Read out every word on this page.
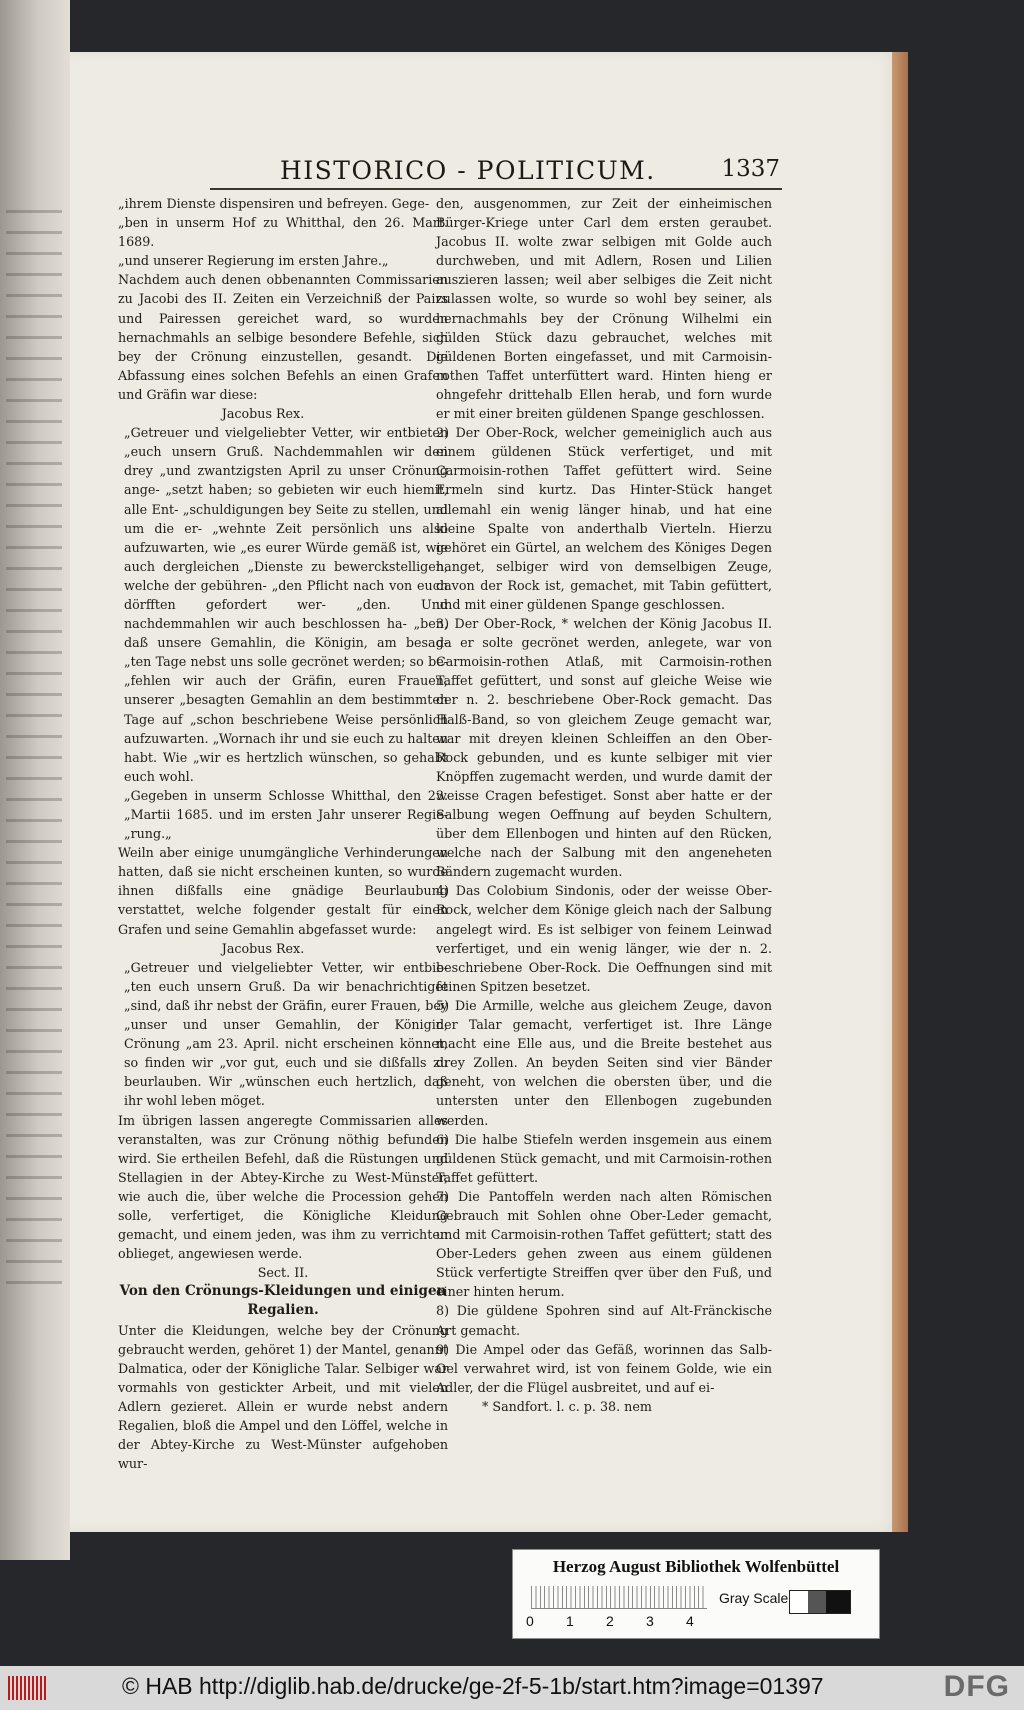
HISTORICO - POLITICUM.	1337

„ihrem Dienste dispensiren und befreyen. Gege-

„ben in unserm Hof zu Whitthal, den 26. Mart. 1689.

„und unserer Regierung im ersten Jahre.„

Nachdem auch denen obbenannten Commissarien zu Jacobi des II. Zeiten ein Verzeichniß der Pairs und Pairessen gereichet ward, so wurden hernachmahls an selbige besondere Befehle, sich bey der Crönung einzustellen, gesandt. Die Abfassung eines solchen Befehls an einen Grafen und Gräfin war diese:

Jacobus Rex.

„Getreuer und vielgeliebter Vetter, wir entbieten „euch unsern Gruß. Nachdemmahlen wir den drey „und zwantzigsten April zu unser Crönung ange- „setzt haben; so gebieten wir euch hiemit, alle Ent- „schuldigungen bey Seite zu stellen, und um die er- „wehnte Zeit persönlich uns also aufzuwarten, wie „es eurer Würde gemäß ist, wie auch dergleichen „Dienste zu bewerckstelligen, welche der gebühren- „den Pflicht nach von euch dörfften gefordert wer- „den. Und nachdemmahlen wir auch beschlossen ha- „ben, daß unsere Gemahlin, die Königin, am besag- „ten Tage nebst uns solle gecrönet werden; so be- „fehlen wir auch der Gräfin, euren Frauen, unserer „besagten Gemahlin an dem bestimmten Tage auf „schon beschriebene Weise persönlich aufzuwarten. „Wornach ihr und sie euch zu halten habt. Wie „wir es hertzlich wünschen, so gehabt euch wohl.

„Gegeben in unserm Schlosse Whitthal, den 23. „Martii 1685. und im ersten Jahr unserer Regie- „rung.„

Weiln aber einige unumgängliche Verhinderungen hatten, daß sie nicht erscheinen kunten, so wurde ihnen dißfalls eine gnädige Beurlaubung verstattet, welche folgender gestalt für einen Grafen und seine Gemahlin abgefasset wurde:

Jacobus Rex.

„Getreuer und vielgeliebter Vetter, wir entbie- „ten euch unsern Gruß. Da wir benachrichtiget „sind, daß ihr nebst der Gräfin, eurer Frauen, bey „unser und unser Gemahlin, der Königin, Crönung „am 23. April. nicht erscheinen könnet, so finden wir „vor gut, euch und sie dißfalls zu beurlauben. Wir „wünschen euch hertzlich, daß ihr wohl leben möget.

Im übrigen lassen angeregte Commissarien alles veranstalten, was zur Crönung nöthig befunden wird. Sie ertheilen Befehl, daß die Rüstungen und Stellagien in der Abtey-Kirche zu West-Münster, wie auch die, über welche die Procession gehen solle, verfertiget, die Königliche Kleidung gemacht, und einem jeden, was ihm zu verrichten oblieget, angewiesen werde.

Sect. II.

Von den Crönungs-Kleidungen und einigen Regalien.

Unter die Kleidungen, welche bey der Crönung gebraucht werden, gehöret 1) der Mantel, genannt Dalmatica, oder der Königliche Talar. Selbiger war vormahls von gestickter Arbeit, und mit vielen Adlern gezieret. Allein er wurde nebst andern Regalien, bloß die Ampel und den Löffel, welche in der Abtey-Kirche zu West-Münster aufgehoben wur-

den, ausgenommen, zur Zeit der einheimischen Bürger-Kriege unter Carl dem ersten geraubet. Jacobus II. wolte zwar selbigen mit Golde auch durchweben, und mit Adlern, Rosen und Lilien auszieren lassen; weil aber selbiges die Zeit nicht zulassen wolte, so wurde so wohl bey seiner, als hernachmahls bey der Crönung Wilhelmi ein gülden Stück dazu gebrauchet, welches mit güldenen Borten eingefasset, und mit Carmoisin-rothen Taffet unterfüttert ward. Hinten hieng er ohngefehr drittehalb Ellen herab, und forn wurde er mit einer breiten güldenen Spange geschlossen.

2) Der Ober-Rock, welcher gemeiniglich auch aus einem güldenen Stück verfertiget, und mit Carmoisin-rothen Taffet gefüttert wird. Seine Ermeln sind kurtz. Das Hinter-Stück hanget allemahl ein wenig länger hinab, und hat eine kleine Spalte von anderthalb Vierteln. Hierzu gehöret ein Gürtel, an welchem des Königes Degen hanget, selbiger wird von demselbigen Zeuge, davon der Rock ist, gemachet, mit Tabin gefüttert, und mit einer güldenen Spange geschlossen.

3) Der Ober-Rock, * welchen der König Jacobus II. da er solte gecrönet werden, anlegete, war von Carmoisin-rothen Atlaß, mit Carmoisin-rothen Taffet gefüttert, und sonst auf gleiche Weise wie der n. 2. beschriebene Ober-Rock gemacht. Das Halß-Band, so von gleichem Zeuge gemacht war, war mit dreyen kleinen Schleiffen an den Ober-Rock gebunden, und es kunte selbiger mit vier Knöpffen zugemacht werden, und wurde damit der weisse Cragen befestiget. Sonst aber hatte er der Salbung wegen Oeffnung auf beyden Schultern, über dem Ellenbogen und hinten auf den Rücken, welche nach der Salbung mit den angeneheten Bändern zugemacht wurden.

4) Das Colobium Sindonis, oder der weisse Ober-Rock, welcher dem Könige gleich nach der Salbung angelegt wird. Es ist selbiger von feinem Leinwad verfertiget, und ein wenig länger, wie der n. 2. beschriebene Ober-Rock. Die Oeffnungen sind mit feinen Spitzen besetzet.

5) Die Armille, welche aus gleichem Zeuge, davon der Talar gemacht, verfertiget ist. Ihre Länge macht eine Elle aus, und die Breite bestehet aus drey Zollen. An beyden Seiten sind vier Bänder geneht, von welchen die obersten über, und die untersten unter den Ellenbogen zugebunden werden.

6) Die halbe Stiefeln werden insgemein aus einem güldenen Stück gemacht, und mit Carmoisin-rothen Taffet gefüttert.

7) Die Pantoffeln werden nach alten Römischen Gebrauch mit Sohlen ohne Ober-Leder gemacht, und mit Carmoisin-rothen Taffet gefüttert; statt des Ober-Leders gehen zween aus einem güldenen Stück verfertigte Streiffen qver über den Fuß, und einer hinten herum.

8) Die güldene Spohren sind auf Alt-Fränckische Art gemacht.

9) Die Ampel oder das Gefäß, worinnen das Salb-Oel verwahret wird, ist von feinem Golde, wie ein Adler, der die Flügel ausbreitet, und auf ei-

* Sandfort. l. c. p. 38. nem

Herzog August Bibliothek Wolfenbüttel
0 1 2 3 4
Gray Scale
© HAB http://diglib.hab.de/drucke/ge-2f-5-1b/start.htm?image=01397	DFG
